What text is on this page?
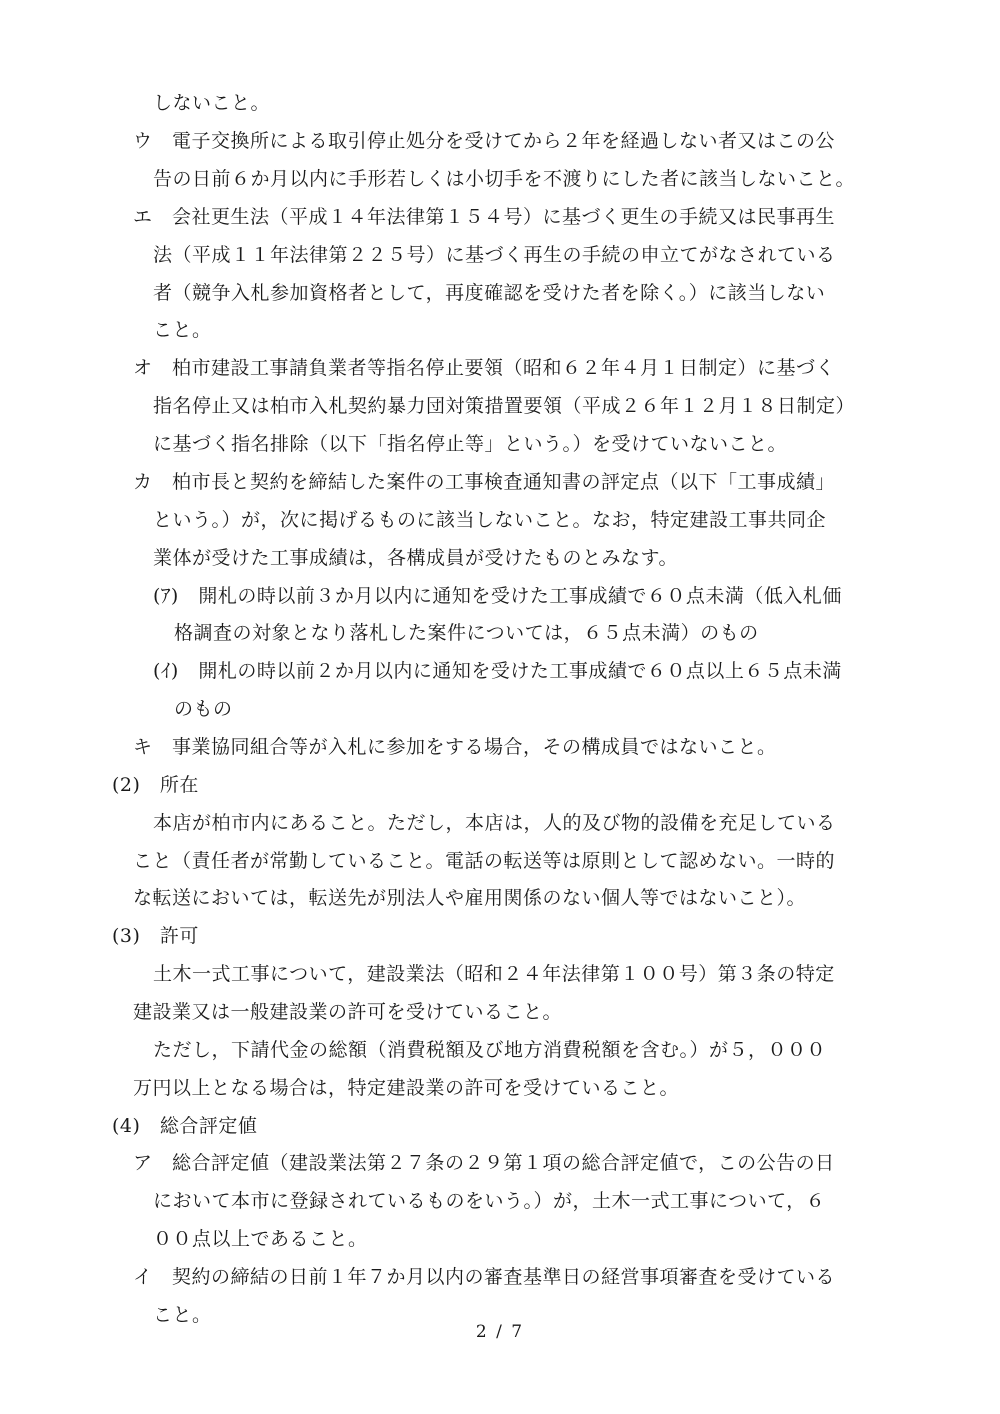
しないこと。
ウ　電子交換所による取引停止処分を受けてから２年を経過しない者又はこの公
告の日前６か月以内に手形若しくは小切手を不渡りにした者に該当しないこと。
エ　会社更生法（平成１４年法律第１５４号）に基づく更生の手続又は民事再生
法（平成１１年法律第２２５号）に基づく再生の手続の申立てがなされている
者（競争入札参加資格者として，再度確認を受けた者を除く。）に該当しない
こと。
オ　柏市建設工事請負業者等指名停止要領（昭和６２年４月１日制定）に基づく
指名停止又は柏市入札契約暴力団対策措置要領（平成２６年１２月１８日制定）
に基づく指名排除（以下「指名停止等」という。）を受けていないこと。
カ　柏市長と契約を締結した案件の工事検査通知書の評定点（以下「工事成績」
という。）が，次に掲げるものに該当しないこと。なお，特定建設工事共同企
業体が受けた工事成績は，各構成員が受けたものとみなす。
(ｱ)　開札の時以前３か月以内に通知を受けた工事成績で６０点未満（低入札価
格調査の対象となり落札した案件については，６５点未満）のもの
(ｲ)　開札の時以前２か月以内に通知を受けた工事成績で６０点以上６５点未満
のもの
キ　事業協同組合等が入札に参加をする場合，その構成員ではないこと。
(2)　所在
本店が柏市内にあること。ただし，本店は，人的及び物的設備を充足している
こと（責任者が常勤していること。電話の転送等は原則として認めない。一時的
な転送においては，転送先が別法人や雇用関係のない個人等ではないこと）。
(3)　許可
土木一式工事について，建設業法（昭和２４年法律第１００号）第３条の特定
建設業又は一般建設業の許可を受けていること。
ただし，下請代金の総額（消費税額及び地方消費税額を含む。）が５，０００
万円以上となる場合は，特定建設業の許可を受けていること。
(4)　総合評定値
ア　総合評定値（建設業法第２７条の２９第１項の総合評定値で，この公告の日
において本市に登録されているものをいう。）が，土木一式工事について，６
００点以上であること。
イ　契約の締結の日前１年７か月以内の審査基準日の経営事項審査を受けている
こと。
2 / 7
